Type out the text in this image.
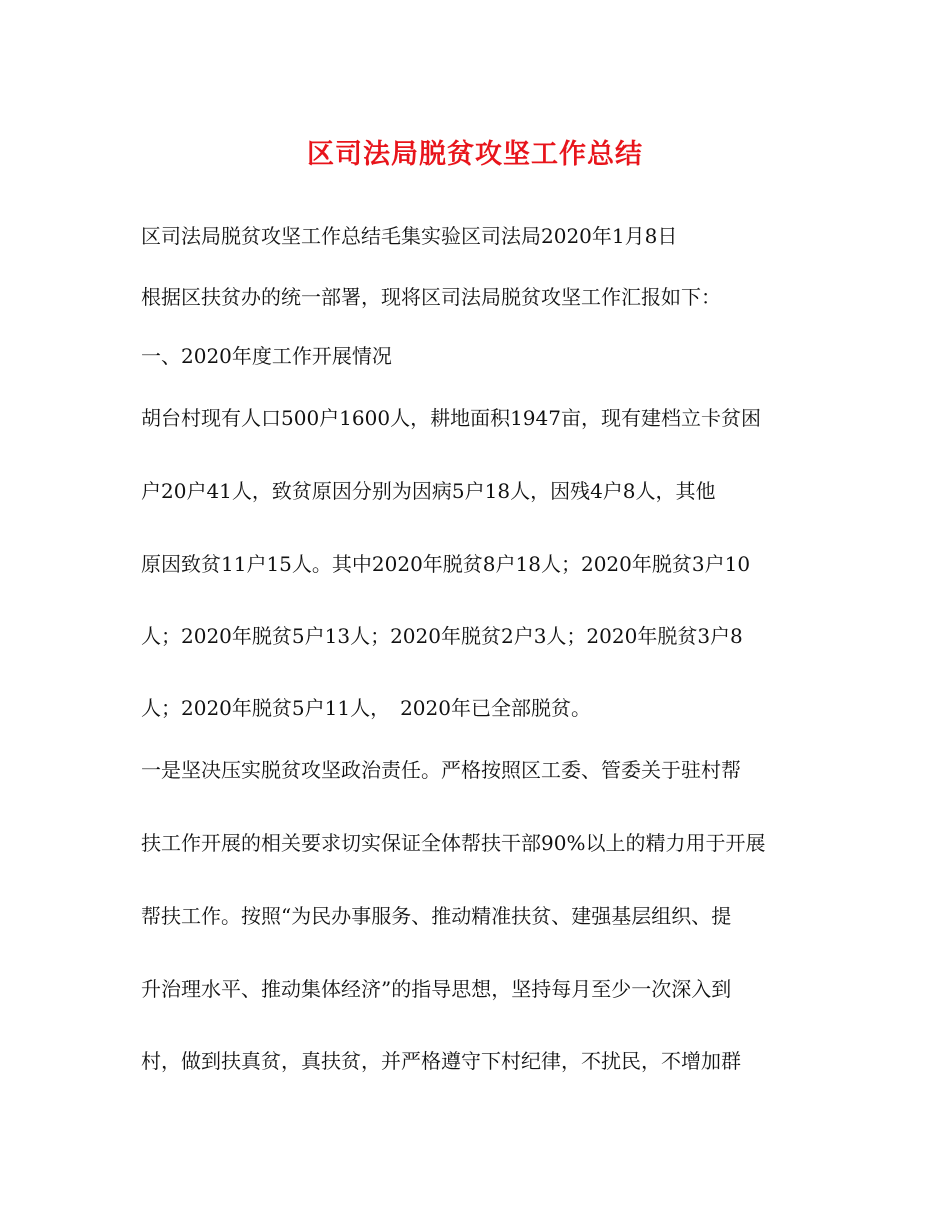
区司法局脱贫攻坚工作总结

区司法局脱贫攻坚工作总结毛集实验区司法局2020年1月8日

根据区扶贫办的统一部署，现将区司法局脱贫攻坚工作汇报如下：

一、2020年度工作开展情况

胡台村现有人口500户1600人，耕地面积1947亩，现有建档立卡贫困

户20户41人，致贫原因分别为因病5户18人，因残4户8人，其他

原因致贫11户15人。其中2020年脱贫8户18人；2020年脱贫3户10

人；2020年脱贫5户13人；2020年脱贫2户3人；2020年脱贫3户8

人；2020年脱贫5户11人，　2020年已全部脱贫。

一是坚决压实脱贫攻坚政治责任。严格按照区工委、管委关于驻村帮

扶工作开展的相关要求切实保证全体帮扶干部90%以上的精力用于开展

帮扶工作。按照“为民办事服务、推动精准扶贫、建强基层组织、提

升治理水平、推动集体经济”的指导思想，坚持每月至少一次深入到

村，做到扶真贫，真扶贫，并严格遵守下村纪律，不扰民，不增加群
